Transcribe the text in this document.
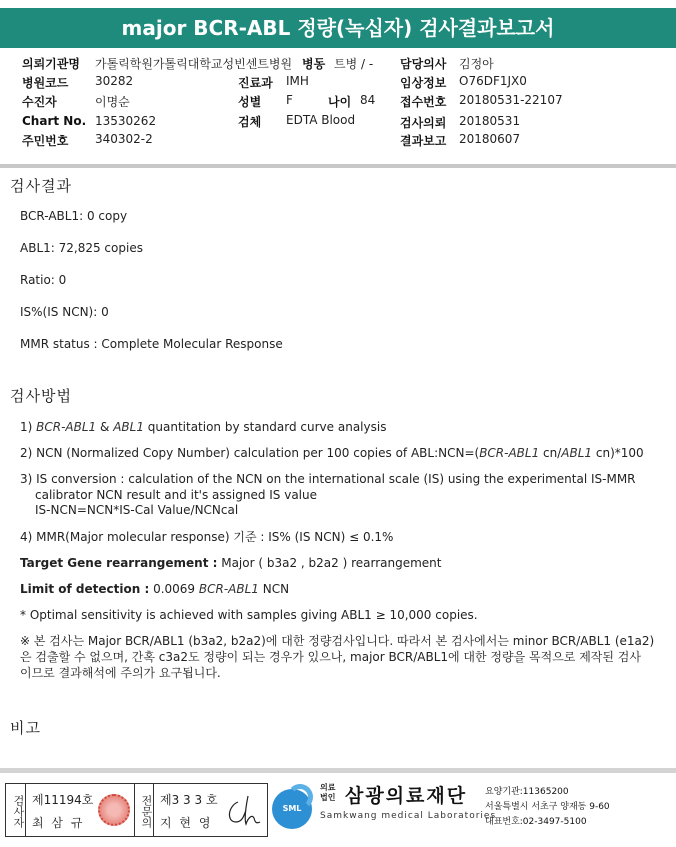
major BCR-ABL 정량(녹십자) 검사결과보고서
의뢰기관명 가톨릭학원가톨릭대학교성빈센트병원 병동 트병 / - 담당의사 김정아
병원코드 30282	진료과 IMH	임상정보 O76DF1JX0
수진자	이명순	성별 F	나이 84 접수번호 20180531-22107
Chart No. 13530262	검체 EDTA Blood	검사의뢰 20180531
주민번호 340302-2	결과보고 20180607
검사결과
BCR-ABL1: 0 copy
ABL1: 72,825 copies
Ratio: 0
IS%(IS NCN): 0
MMR status : Complete Molecular Response
검사방법
1) BCR-ABL1 & ABL1 quantitation by standard curve analysis
2) NCN (Normalized Copy Number) calculation per 100 copies of ABL:NCN=(BCR-ABL1 cn/ABL1 cn)*100
3) IS conversion : calculation of the NCN on the international scale (IS) using the experimental IS-MMR
calibrator NCN result and it's assigned IS value
IS-NCN=NCN*IS-Cal Value/NCNcal
4) MMR(Major molecular response) 기준 : IS% (IS NCN) ≤ 0.1%
Target Gene rearrangement : Major ( b3a2 , b2a2 ) rearrangement
Limit of detection : 0.0069 BCR-ABL1 NCN
* Optimal sensitivity is achieved with samples giving ABL1 ≥ 10,000 copies.
※ 본 검사는 Major BCR/ABL1 (b3a2, b2a2)에 대한 정량검사입니다. 따라서 본 검사에서는 minor BCR/ABL1 (e1a2)
은 검출할 수 없으며, 간혹 c3a2도 정량이 되는 경우가 있으나, major BCR/ABL1에 대한 정량을 목적으로 제작된 검사
이므로 결과해석에 주의가 요구됩니다.
비고
검사자 제11194호
최 삼 규	전문의 제3 3 3 호
지 현 영
SML
의료
법인 삼광의료재단
Samkwang medical Laboratories
요양기관:11365200
서울특별시 서초구 양재동 9-60
대표번호:02-3497-5100
